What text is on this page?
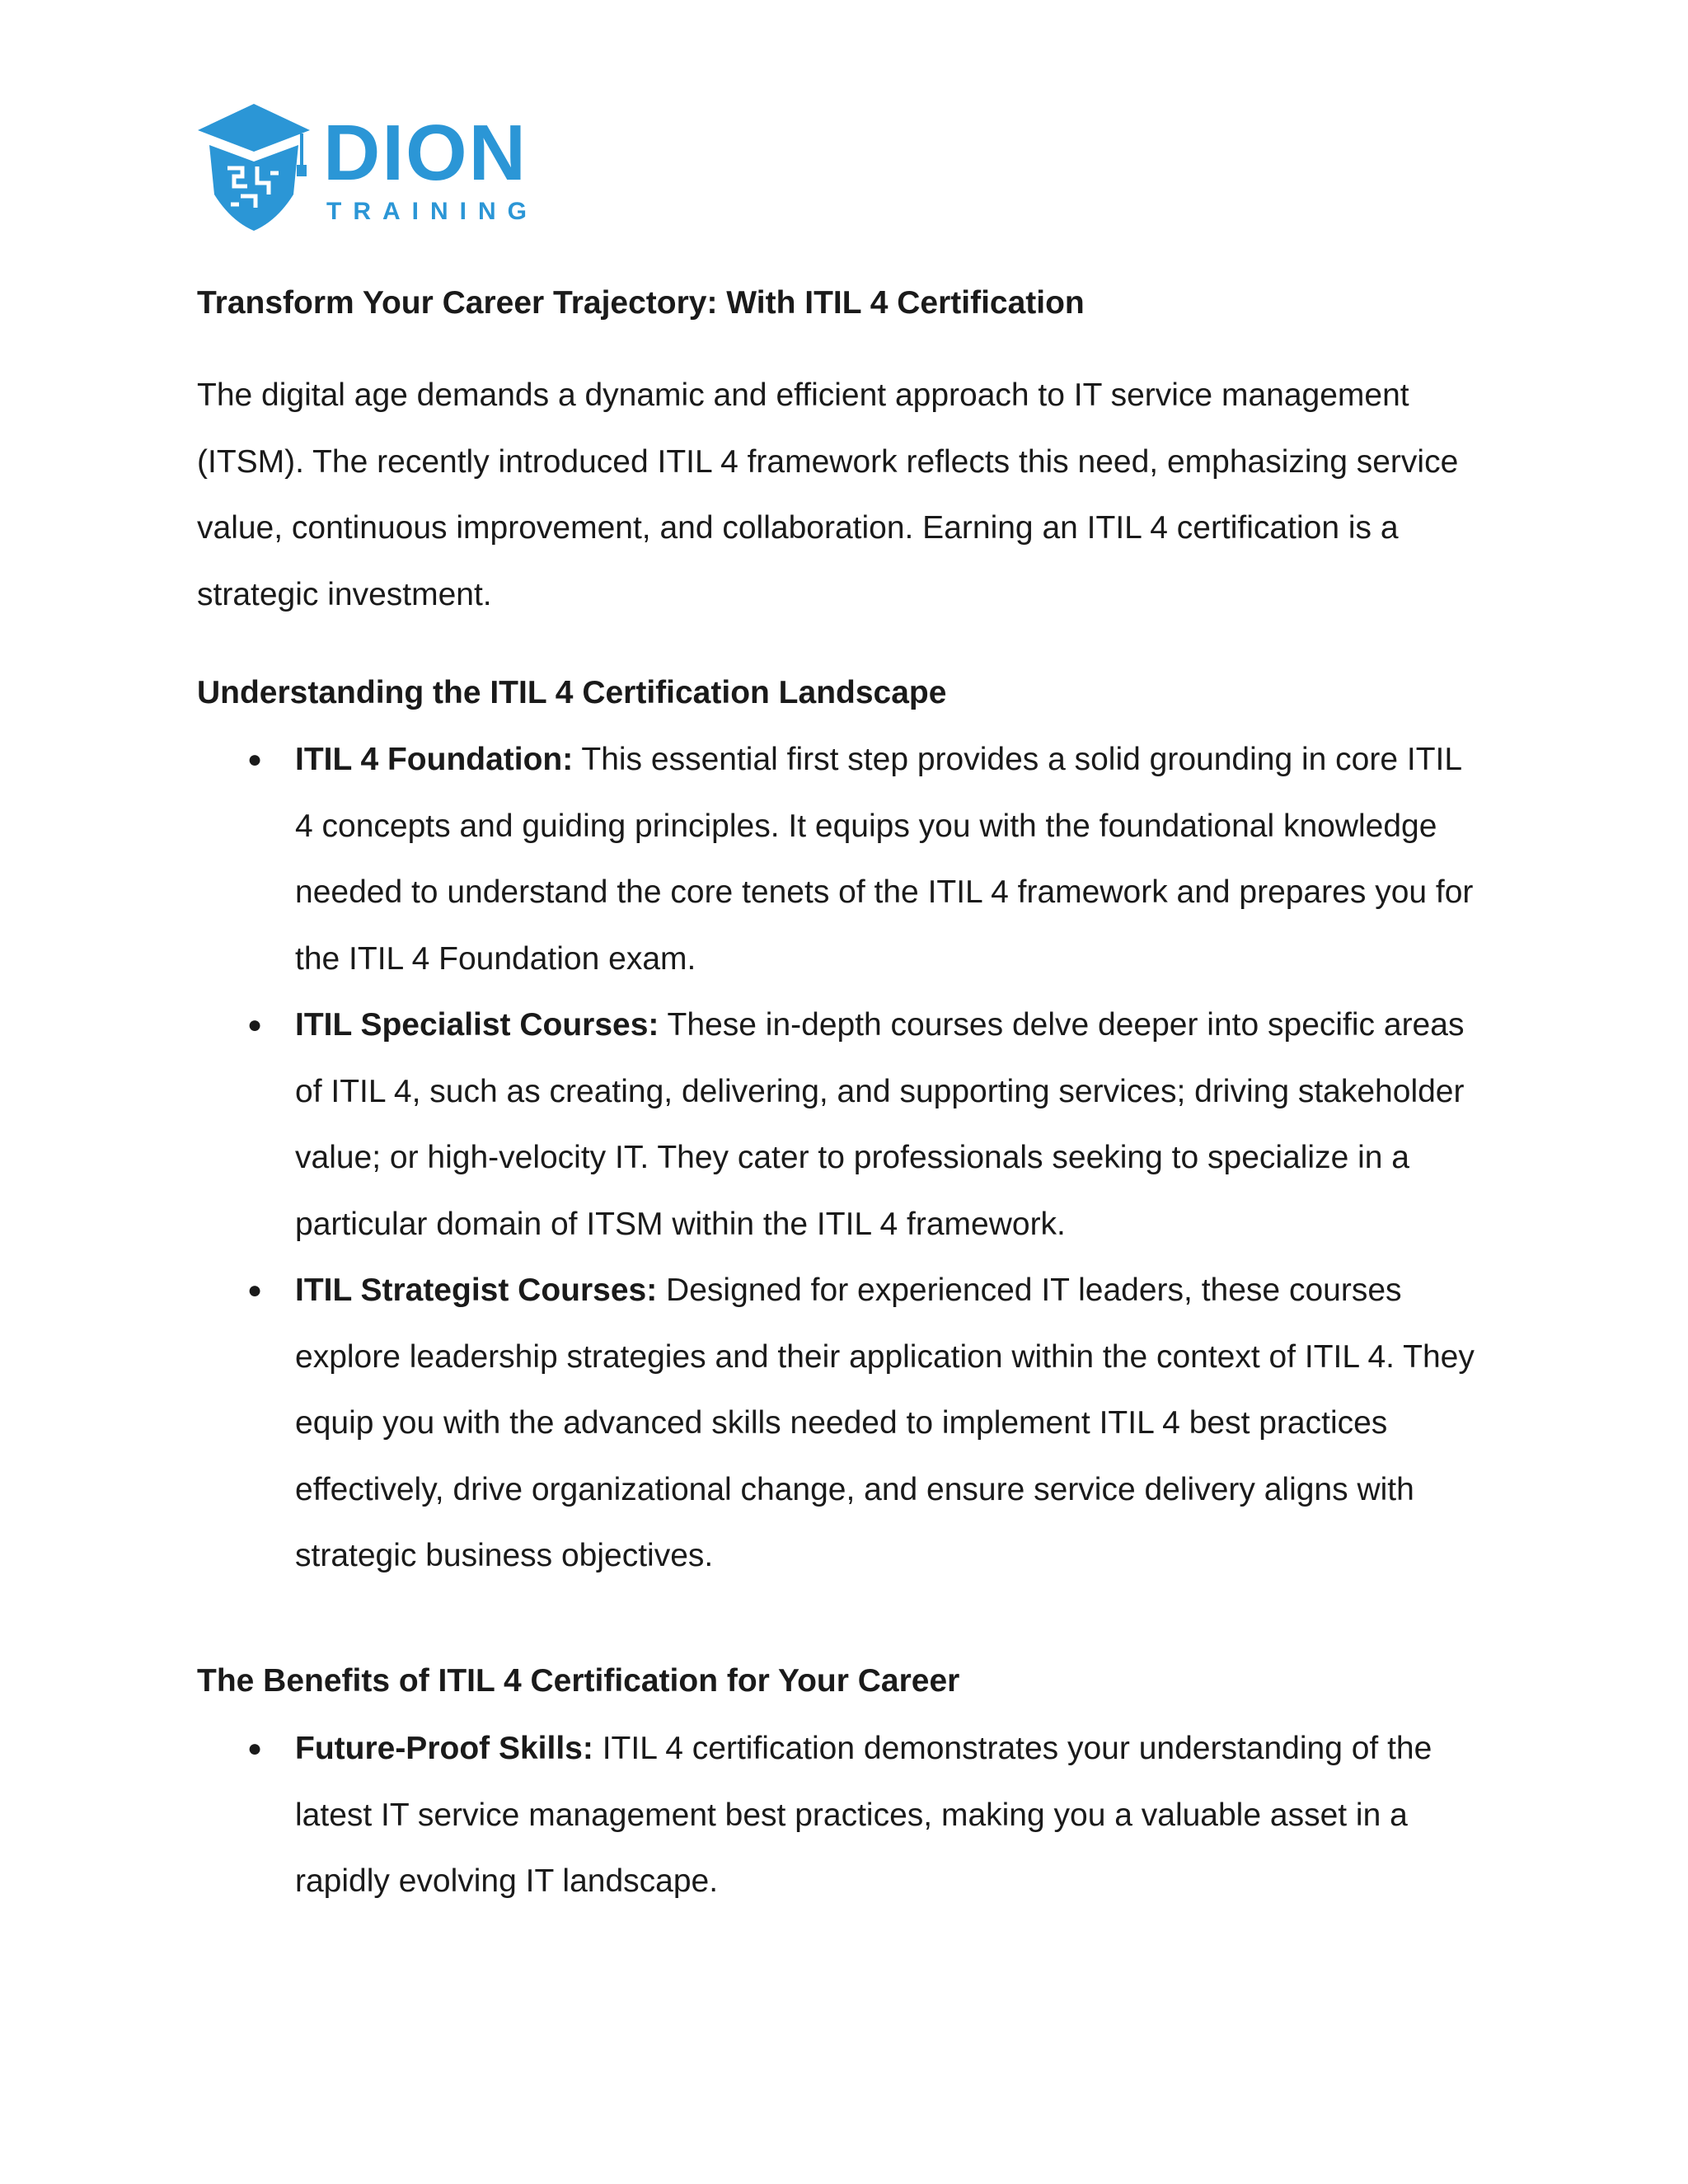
DION
TRAINING
Transform Your Career Trajectory: With ITIL 4 Certification

The digital age demands a dynamic and efficient approach to IT service management (ITSM). The recently introduced ITIL 4 framework reflects this need, emphasizing service value, continuous improvement, and collaboration. Earning an ITIL 4 certification is a strategic investment.

Understanding the ITIL 4 Certification Landscape
● ITIL 4 Foundation: This essential first step provides a solid grounding in core ITIL 4 concepts and guiding principles. It equips you with the foundational knowledge needed to understand the core tenets of the ITIL 4 framework and prepares you for the ITIL 4 Foundation exam.
● ITIL Specialist Courses: These in-depth courses delve deeper into specific areas of ITIL 4, such as creating, delivering, and supporting services; driving stakeholder value; or high-velocity IT. They cater to professionals seeking to specialize in a particular domain of ITSM within the ITIL 4 framework.
● ITIL Strategist Courses: Designed for experienced IT leaders, these courses explore leadership strategies and their application within the context of ITIL 4. They equip you with the advanced skills needed to implement ITIL 4 best practices effectively, drive organizational change, and ensure service delivery aligns with strategic business objectives.
The Benefits of ITIL 4 Certification for Your Career
● Future-Proof Skills: ITIL 4 certification demonstrates your understanding of the latest IT service management best practices, making you a valuable asset in a rapidly evolving IT landscape.
